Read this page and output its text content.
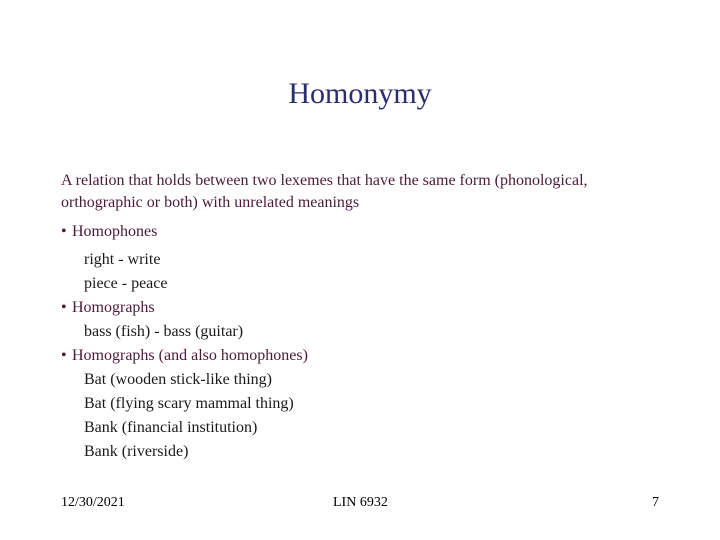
Homonymy

A relation that holds between two lexemes that have the same form (phonological,
orthographic or both) with unrelated meanings

• Homophones
right - write
piece - peace
• Homographs
bass (fish) - bass (guitar)
• Homographs (and also homophones)
Bat (wooden stick-like thing)
Bat (flying scary mammal thing)
Bank (financial institution)
Bank (riverside)
12/30/2021	LIN 6932	7
